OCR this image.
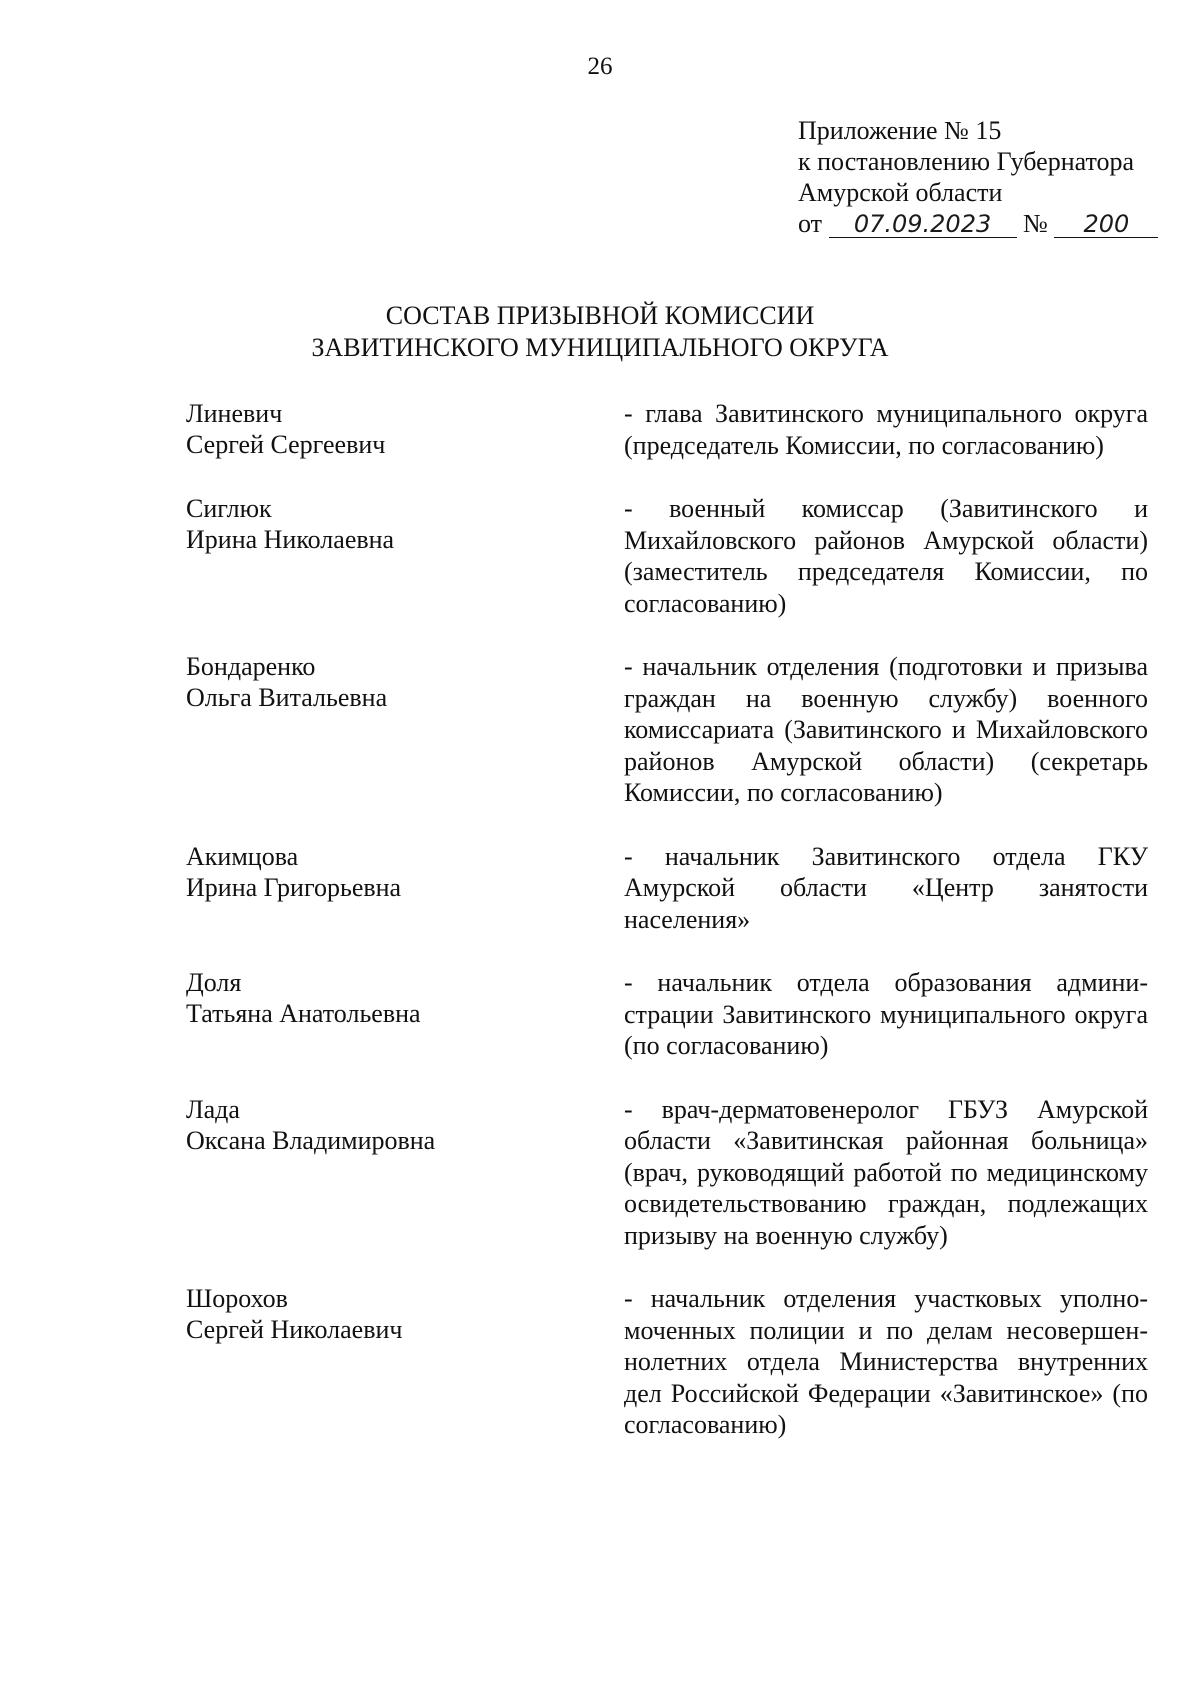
26
Приложение № 15
к постановлению Губернатора
Амурской области
от 07.09.2023 № 200
СОСТАВ ПРИЗЫВНОЙ КОМИССИИ
ЗАВИТИНСКОГО МУНИЦИПАЛЬНОГО ОКРУГА
Линевич
Сергей Сергеевич
- глава Завитинского муниципального округа (председатель Комиссии, по согласованию)
Сиглюк
Ирина Николаевна
- военный комиссар (Завитинского и Михайловского районов Амурской области) (заместитель председателя Комиссии, по согласованию)
Бондаренко
Ольга Витальевна
- начальник отделения (подготовки и призыва граждан на военную службу) военного комиссариата (Завитинского и Михайловского районов Амурской области) (секретарь Комиссии, по согласованию)
Акимцова
Ирина Григорьевна
- начальник Завитинского отдела ГКУ Амурской области «Центр занятости населения»
Доля
Татьяна Анатольевна
- начальник отдела образования администрации Завитинского муниципального округа (по согласованию)
Лада
Оксана Владимировна
- врач-дерматовенеролог ГБУЗ Амурской области «Завитинская районная больница» (врач, руководящий работой по медицинскому освидетельствованию граждан, подлежащих призыву на военную службу)
Шорохов
Сергей Николаевич
- начальник отделения участковых уполномоченных полиции и по делам несовершеннолетних отдела Министерства внутренних дел Российской Федерации «Завитинское» (по согласованию)
